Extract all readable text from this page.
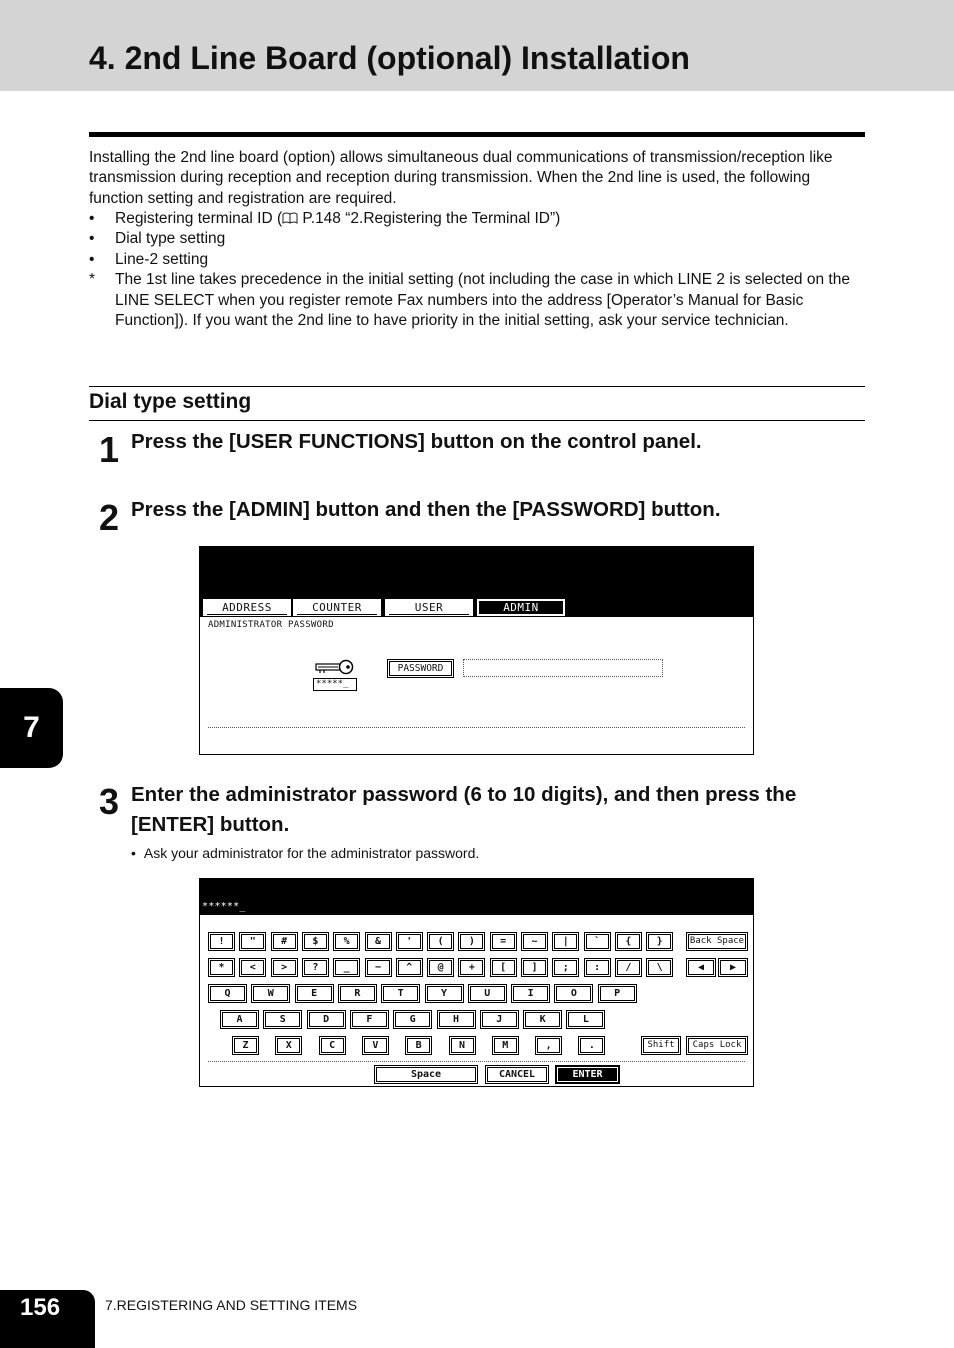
4. 2nd Line Board (optional) Installation

Installing the 2nd line board (option) allows simultaneous dual communications of transmission/reception like transmission during reception and reception during transmission. When the 2nd line is used, the following function setting and registration are required.

• Registering terminal ID ( P.148 “2.Registering the Terminal ID”)
• Dial type setting
• Line-2 setting
* The 1st line takes precedence in the initial setting (not including the case in which LINE 2 is selected on the LINE SELECT when you register remote Fax numbers into the address [Operator’s Manual for Basic Function]). If you want the 2nd line to have priority in the initial setting, ask your service technician.
Dial type setting
1 Press the [USER FUNCTIONS] button on the control panel.

2 Press the [ADMIN] button and then the [PASSWORD] button.

ADDRESS	COUNTER	USER	ADMIN
ADMINISTRATOR PASSWORD
*****_
PASSWORD
3 Enter the administrator password (6 to 10 digits), and then press the [ENTER] button.

• Ask your administrator for the administrator password.
******_
Back Space
◀	▶
Shift	Caps Lock
Space	CANCEL	ENTER
!	"	#	$	%	&	'	(	)	=	~	|	`	{	}
*	<	>	?	_	−	^	@	+	[	]	;	:	/	\
Q	W	E	R	T	Y	U	I	O	P
A	S	D	F	G	H	J	K	L
Z	X	C	V	B	N	M	,	.
7
156	7.REGISTERING AND SETTING ITEMS
